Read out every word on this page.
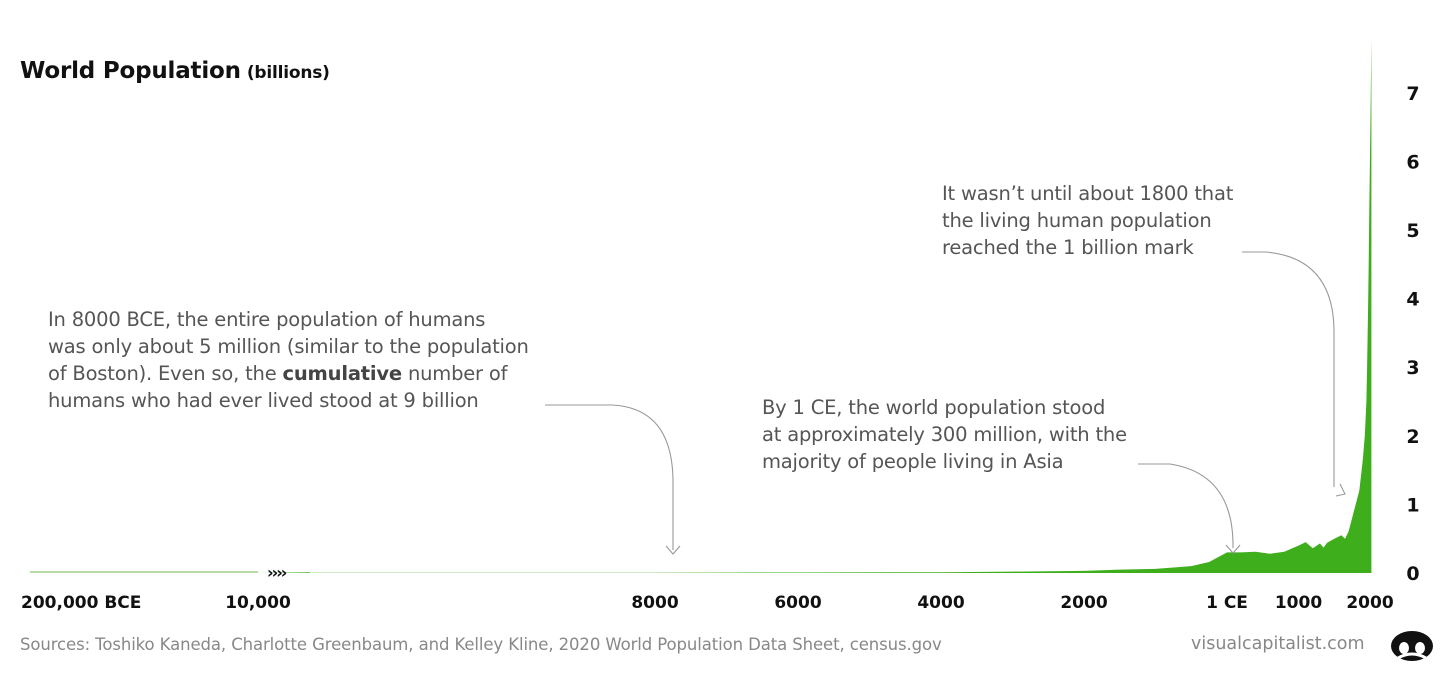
World Population (billions)
››››
200,000 BCE	10,000	8000	6000	4000	2000	1 CE 1000 2000
0
1
2
3
4
5
6
7
In 8000 BCE, the entire population of humans
was only about 5 million (similar to the population
of Boston). Even so, the cumulative number of
humans who had ever lived stood at 9 billion	By 1 CE, the world population stood
at approximately 300 million, with the
majority of people living in Asia
It wasn’t until about 1800 that
the living human population
reached the 1 billion mark
Sources: Toshiko Kaneda, Charlotte Greenbaum, and Kelley Kline, 2020 World Population Data Sheet, census.gov	visualcapitalist.com
